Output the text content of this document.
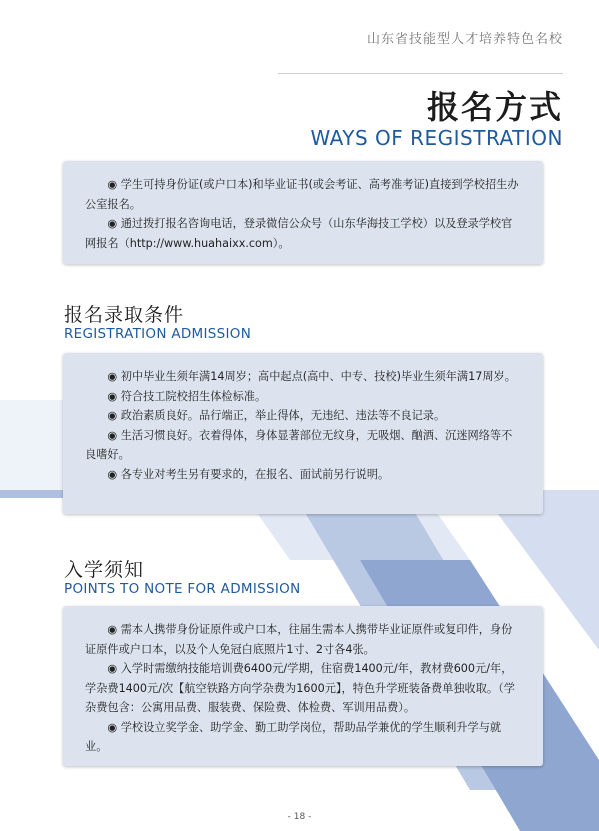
山东省技能型人才培养特色名校
报名方式
WAYS OF REGISTRATION

◉ 学生可持身份证(或户口本)和毕业证书(或会考证、高考准考证)直接到学校招生办公室报名。

◉ 通过拨打报名咨询电话，登录微信公众号（山东华海技工学校）以及登录学校官网报名（http://www.huahaixx.com）。

报名录取条件
REGISTRATION ADMISSION

◉ 初中毕业生须年满14周岁；高中起点(高中、中专、技校)毕业生须年满17周岁。

◉ 符合技工院校招生体检标准。

◉ 政治素质良好。品行端正，举止得体，无违纪、违法等不良记录。

◉ 生活习惯良好。衣着得体，身体显著部位无纹身，无吸烟、酗酒、沉迷网络等不良嗜好。

◉ 各专业对考生另有要求的，在报名、面试前另行说明。

入学须知
POINTS TO NOTE FOR ADMISSION

◉ 需本人携带身份证原件或户口本，往届生需本人携带毕业证原件或复印件，身份证原件或户口本，以及个人免冠白底照片1寸、2寸各4张。

◉ 入学时需缴纳技能培训费6400元/学期，住宿费1400元/年，教材费600元/年，学杂费1400元/次【航空铁路方向学杂费为1600元】，特色升学班装备费单独收取。（学杂费包含：公寓用品费、服装费、保险费、体检费、军训用品费）。

◉ 学校设立奖学金、助学金、勤工助学岗位，帮助品学兼优的学生顺利升学与就业。

- 18 -
